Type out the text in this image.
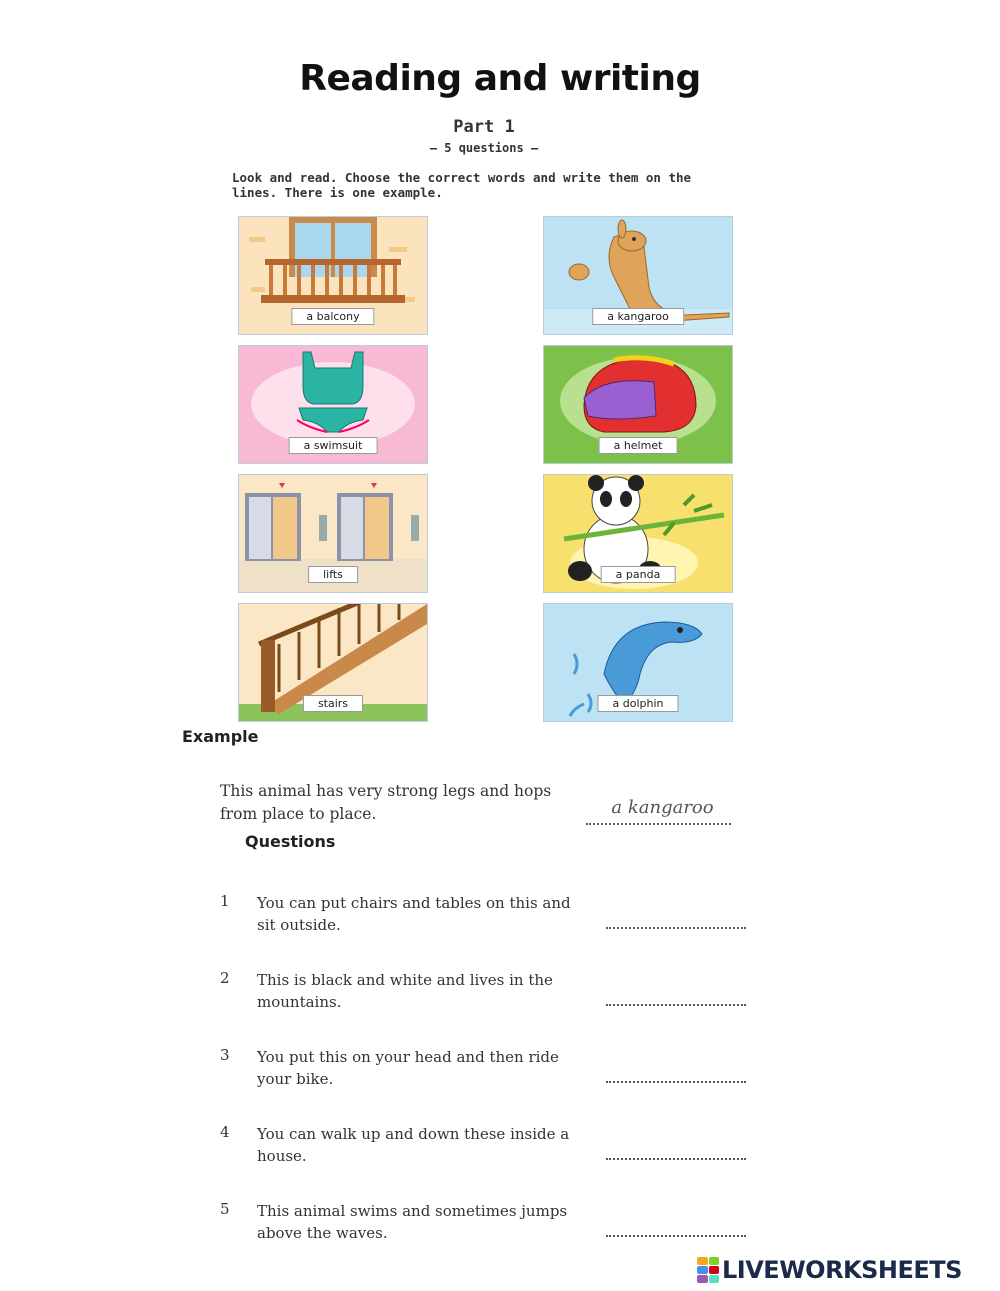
Reading and writing
Part 1
– 5 questions –
Look and read. Choose the correct words and write them on the lines. There is one example.
a balcony	a kangaroo
a swimsuit	a helmet
lifts	a panda
stairs	a dolphin
Example
This animal has very strong legs and hops from place to place.	a kangaroo
Questions
1 You can put chairs and tables on this and sit outside.
2 This is black and white and lives in the mountains.
3 You put this on your head and then ride your bike.
4 You can walk up and down these inside a house.
5 This animal swims and sometimes jumps above the waves.
LIVEWORKSHEETS
